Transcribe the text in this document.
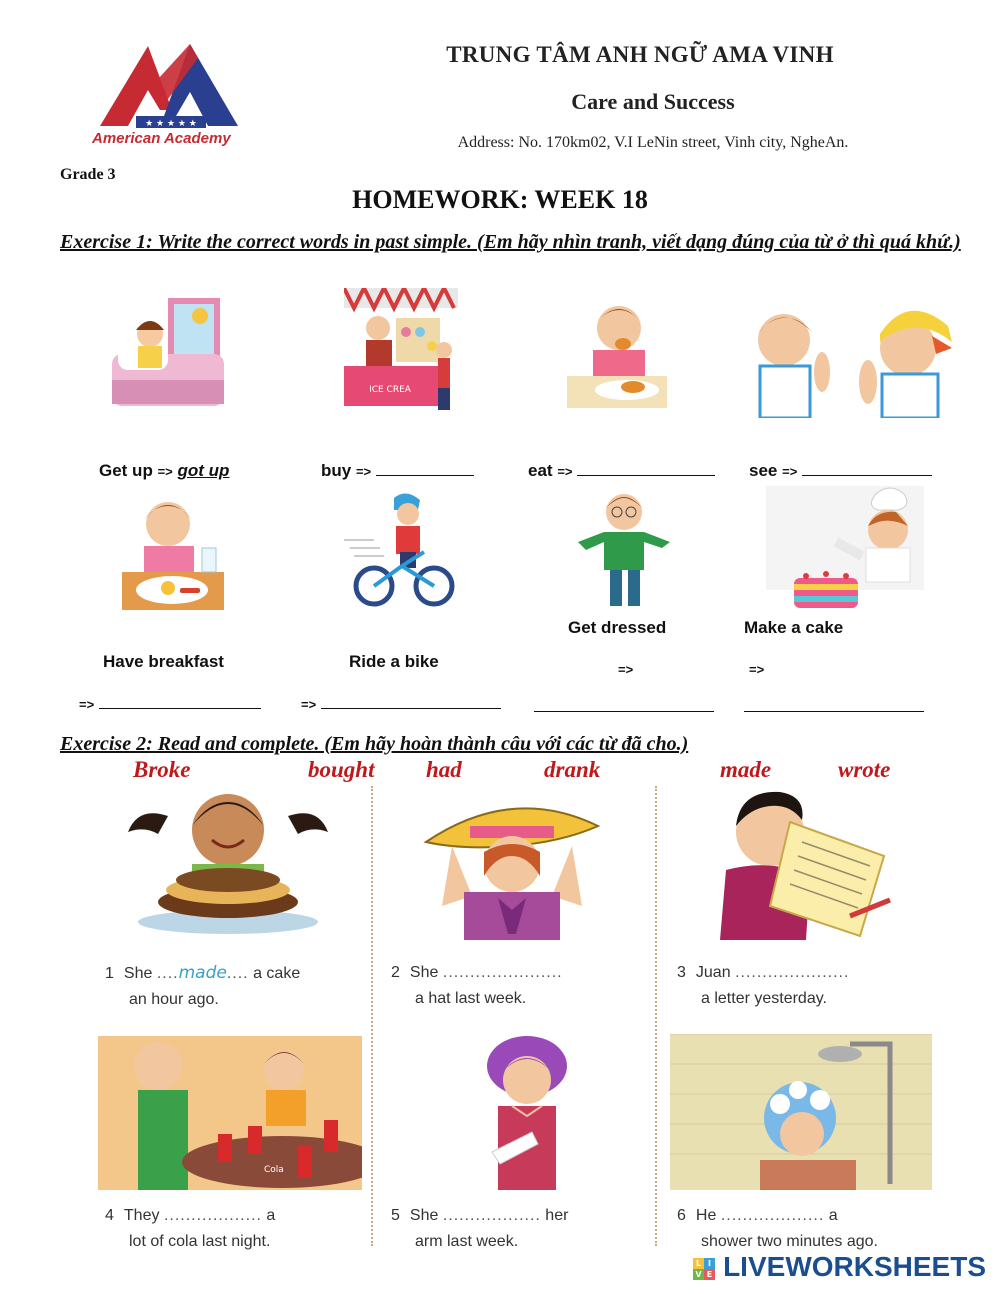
★ ★ ★ ★ ★
American Academy
TRUNG TÂM ANH NGỮ AMA VINH
Care and Success
Address: No. 170km02, V.I LeNin street, Vinh city, NgheAn.
Grade 3
HOMEWORK: WEEK 18
Exercise 1: Write the correct words in past simple. (Em hãy nhìn tranh, viết dạng đúng của từ ở thì quá khứ.)
ICE CREA
Get up => got up	buy =>	eat =>	see =>
Have breakfast	Ride a bike
Get dressed	Make a cake
=>	=>
=>	=>
Exercise 2: Read and complete. (Em hãy hoàn thành câu với các từ đã cho.)
Broke	bought had	drank	made	wrote
1 She ....made.... a cake
an hour ago.
2 She ......................
a hat last week.
3 Juan .....................
a letter yesterday.
Cola
4 They .................. a
lot of cola last night.
5 She .................. her
arm last week.
6 He ................... a
shower two minutes ago.
L I
V E LIVEWORKSHEETS
